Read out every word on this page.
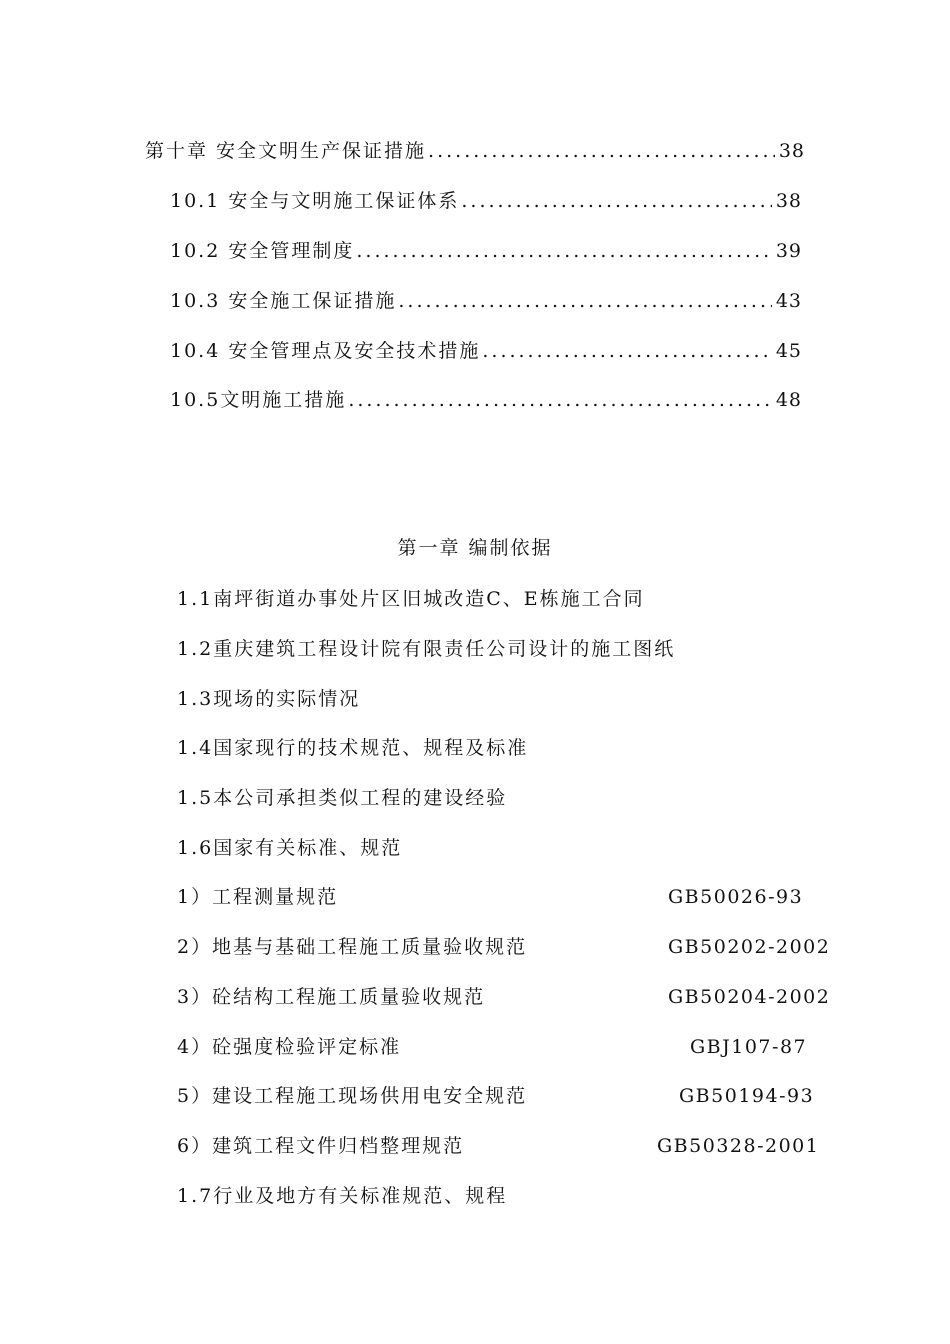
第十章 安全文明生产保证措施 .....	38
10.1 安全与文明施工保证体系 .....	38
10.2 安全管理制度 .....	39
10.3 安全施工保证措施 .....	43
10.4 安全管理点及安全技术措施 .....	45
10.5文明施工措施 .....	48
第一章 编制依据
1.1南坪街道办事处片区旧城改造C、E栋施工合同
1.2重庆建筑工程设计院有限责任公司设计的施工图纸
1.3现场的实际情况
1.4国家现行的技术规范、规程及标准
1.5本公司承担类似工程的建设经验
1.6国家有关标准、规范
1）工程测量规范	GB50026-93
2）地基与基础工程施工质量验收规范	GB50202-2002
3）砼结构工程施工质量验收规范	GB50204-2002
4）砼强度检验评定标准	GBJ107-87
5）建设工程施工现场供用电安全规范	GB50194-93
6）建筑工程文件归档整理规范	GB50328-2001
1.7行业及地方有关标准规范、规程
